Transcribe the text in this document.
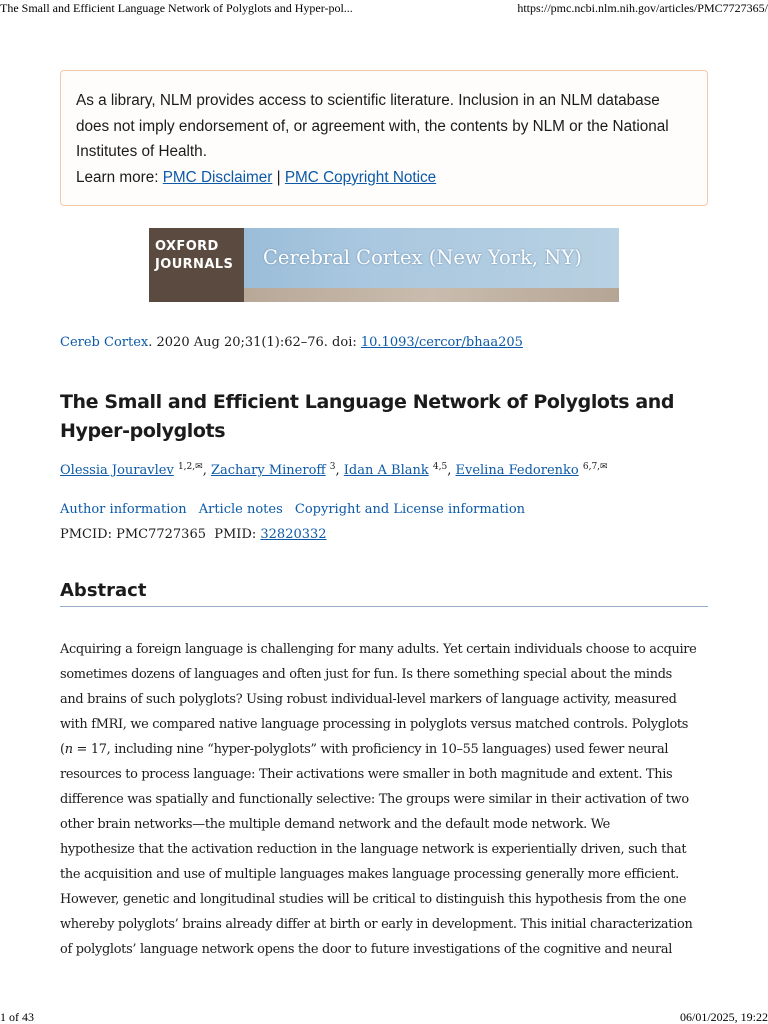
The Small and Efficient Language Network of Polyglots and Hyper-pol...	https://pmc.ncbi.nlm.nih.gov/articles/PMC7727365/
As a library, NLM provides access to scientific literature. Inclusion in an NLM database does not imply endorsement of, or agreement with, the contents by NLM or the National Institutes of Health.
Learn more: PMC Disclaimer | PMC Copyright Notice
OXFORD
JOURNALS	Cerebral Cortex (New York, NY)
Cereb Cortex. 2020 Aug 20;31(1):62–76. doi: 10.1093/cercor/bhaa205
The Small and Efficient Language Network of Polyglots and Hyper-polyglots
Olessia Jouravlev $^{1,2,✉}$, Zachary Mineroff $^3$, Idan A Blank $^{4,5}$, Evelina Fedorenko $^{6,7,✉}$
Author information Article notes Copyright and License information
PMCID: PMC7727365 PMID: 32820332
Abstract
Acquiring a foreign language is challenging for many adults. Yet certain individuals choose to acquire
sometimes dozens of languages and often just for fun. Is there something special about the minds
and brains of such polyglots? Using robust individual-level markers of language activity, measured
with fMRI, we compared native language processing in polyglots versus matched controls. Polyglots
(n = 17, including nine “hyper-polyglots” with proficiency in 10–55 languages) used fewer neural
resources to process language: Their activations were smaller in both magnitude and extent. This
difference was spatially and functionally selective: The groups were similar in their activation of two
other brain networks—the multiple demand network and the default mode network. We
hypothesize that the activation reduction in the language network is experientially driven, such that
the acquisition and use of multiple languages makes language processing generally more efficient.
However, genetic and longitudinal studies will be critical to distinguish this hypothesis from the one
whereby polyglots’ brains already differ at birth or early in development. This initial characterization
of polyglots’ language network opens the door to future investigations of the cognitive and neural
1 of 43	06/01/2025, 19:22
